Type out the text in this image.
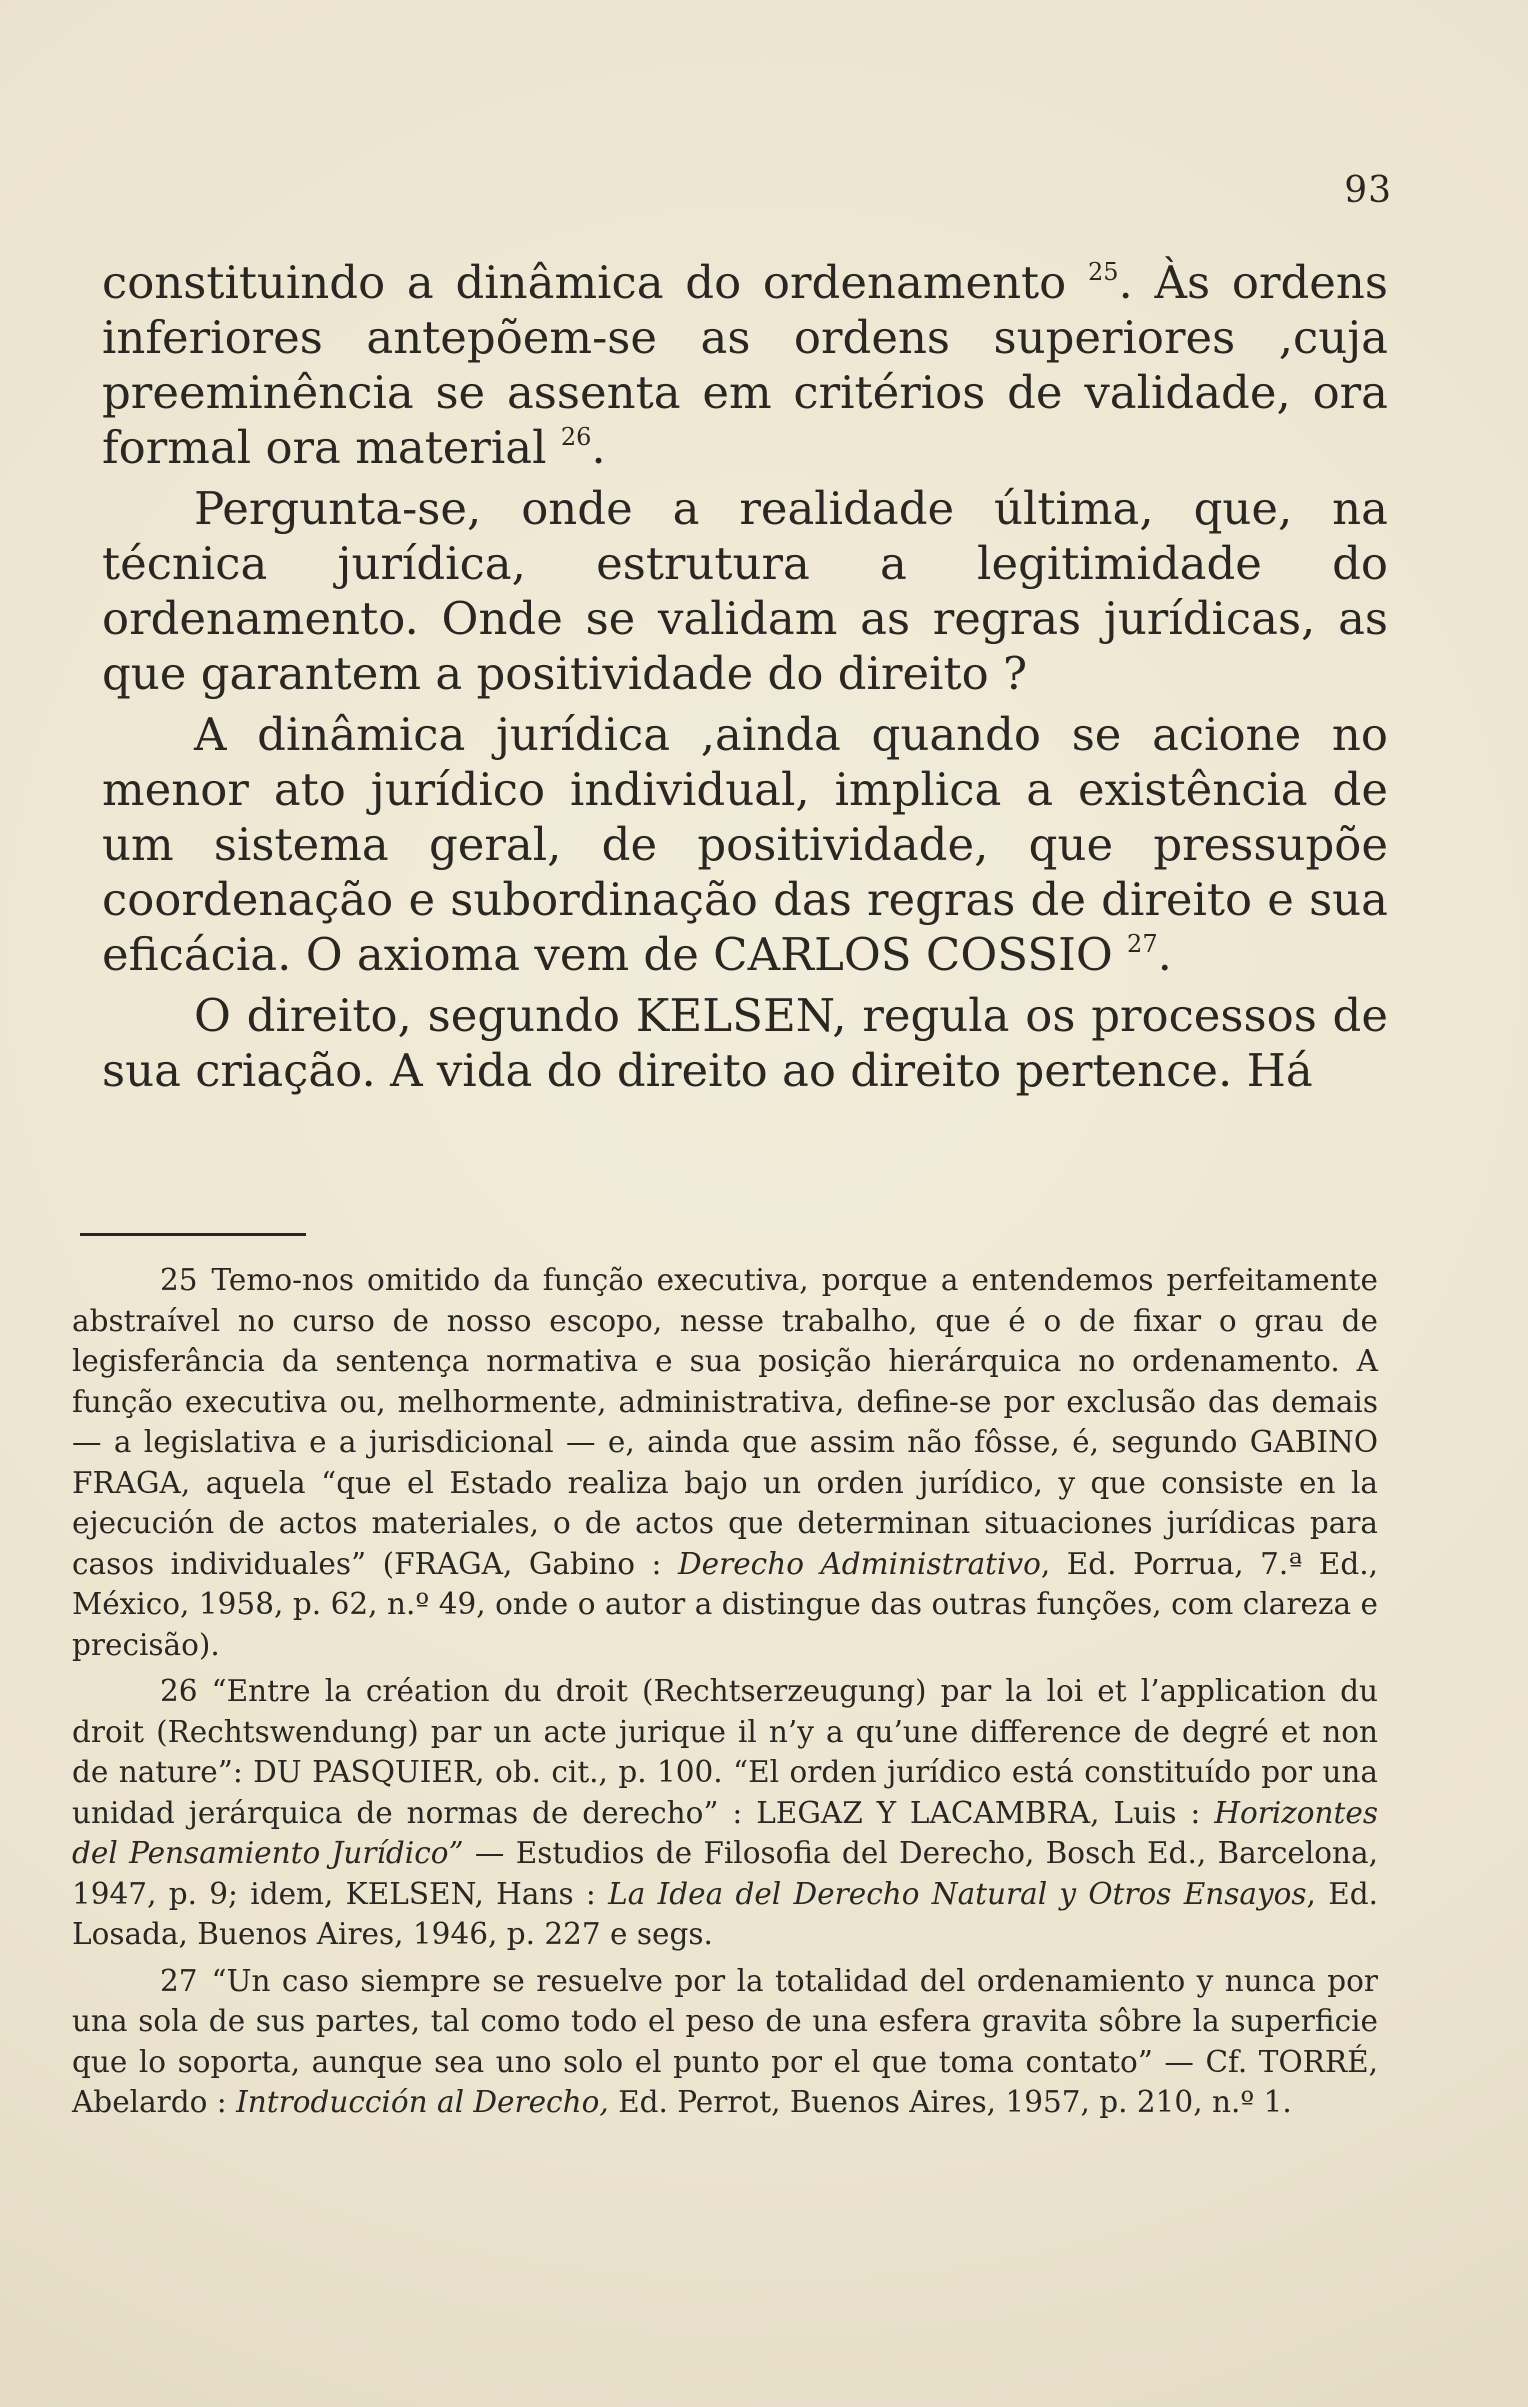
93

constituindo a dinâmica do ordenamento $^{25}$. Às ordens inferiores antepõem-se as ordens superiores ,cuja preeminência se assenta em critérios de validade, ora formal ora material $^{26}$.

Pergunta-se, onde a realidade última, que, na técnica jurídica, estrutura a legitimidade do ordenamento. Onde se validam as regras jurídicas, as que garantem a positividade do direito ?

A dinâmica jurídica ,ainda quando se acione no menor ato jurídico individual, implica a existência de um sistema geral, de positividade, que pressupõe coordenação e subordinação das regras de direito e sua eficácia. O axioma vem de CARLOS COSSIO $^{27}$.

O direito, segundo KELSEN, regula os processos de sua criação. A vida do direito ao direito pertence. Há

25 Temo-nos omitido da função executiva, porque a entendemos perfeitamente abstraível no curso de nosso escopo, nesse trabalho, que é o de fixar o grau de legisferância da sentença normativa e sua posição hierárquica no ordenamento. A função executiva ou, melhormente, administrativa, define-se por exclusão das demais — a legislativa e a jurisdicional — e, ainda que assim não fôsse, é, segundo GABINO FRAGA, aquela “que el Estado realiza bajo un orden jurídico, y que consiste en la ejecución de actos materiales, o de actos que determinan situaciones jurídicas para casos individuales” (FRAGA, Gabino : Derecho Administrativo, Ed. Porrua, 7.ª Ed., México, 1958, p. 62, n.º 49, onde o autor a distingue das outras funções, com clareza e precisão).

26 “Entre la création du droit (Rechtserzeugung) par la loi et l’application du droit (Rechtswendung) par un acte jurique il n’y a qu’une difference de degré et non de nature”: DU PASQUIER, ob. cit., p. 100. “El orden jurídico está constituído por una unidad jerárquica de normas de derecho” : LEGAZ Y LACAMBRA, Luis : Horizontes del Pensamiento Jurídico” — Estudios de Filosofia del Derecho, Bosch Ed., Barcelona, 1947, p. 9; idem, KELSEN, Hans : La Idea del Derecho Natural y Otros Ensayos, Ed. Losada, Buenos Aires, 1946, p. 227 e segs.

27 “Un caso siempre se resuelve por la totalidad del ordenamiento y nunca por una sola de sus partes, tal como todo el peso de una esfera gravita sôbre la superficie que lo soporta, aunque sea uno solo el punto por el que toma contato” — Cf. TORRÉ, Abelardo : Introducción al Derecho, Ed. Perrot, Buenos Aires, 1957, p. 210, n.º 1.
